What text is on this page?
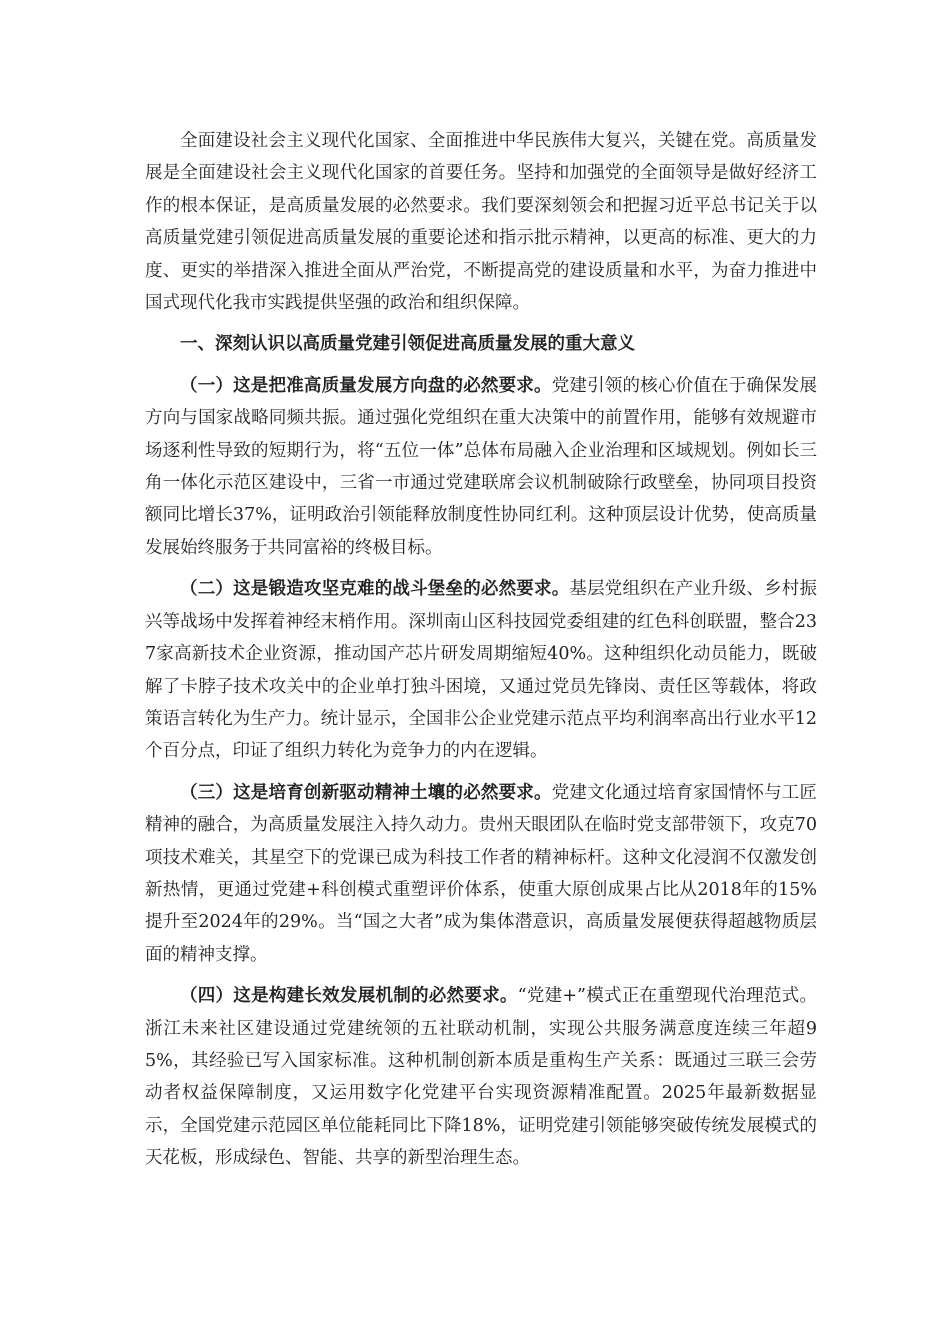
全面建设社会主义现代化国家、全面推进中华民族伟大复兴，关键在党。高质量发展是全面建设社会主义现代化国家的首要任务。坚持和加强党的全面领导是做好经济工作的根本保证，是高质量发展的必然要求。我们要深刻领会和把握习近平总书记关于以高质量党建引领促进高质量发展的重要论述和指示批示精神，以更高的标准、更大的力度、更实的举措深入推进全面从严治党，不断提高党的建设质量和水平，为奋力推进中国式现代化我市实践提供坚强的政治和组织保障。

一、深刻认识以高质量党建引领促进高质量发展的重大意义

（一）这是把准高质量发展方向盘的必然要求。党建引领的核心价值在于确保发展方向与国家战略同频共振。通过强化党组织在重大决策中的前置作用，能够有效规避市场逐利性导致的短期行为，将“五位一体”总体布局融入企业治理和区域规划。例如长三角一体化示范区建设中，三省一市通过党建联席会议机制破除行政壁垒，协同项目投资额同比增长37%，证明政治引领能释放制度性协同红利。这种顶层设计优势，使高质量发展始终服务于共同富裕的终极目标。

（二）这是锻造攻坚克难的战斗堡垒的必然要求。基层党组织在产业升级、乡村振兴等战场中发挥着神经末梢作用。深圳南山区科技园党委组建的红色科创联盟，整合237家高新技术企业资源，推动国产芯片研发周期缩短40%。这种组织化动员能力，既破解了卡脖子技术攻关中的企业单打独斗困境，又通过党员先锋岗、责任区等载体，将政策语言转化为生产力。统计显示，全国非公企业党建示范点平均利润率高出行业水平12个百分点，印证了组织力转化为竞争力的内在逻辑。

（三）这是培育创新驱动精神土壤的必然要求。党建文化通过培育家国情怀与工匠精神的融合，为高质量发展注入持久动力。贵州天眼团队在临时党支部带领下，攻克70项技术难关，其星空下的党课已成为科技工作者的精神标杆。这种文化浸润不仅激发创新热情，更通过党建+科创模式重塑评价体系，使重大原创成果占比从2018年的15%提升至2024年的29%。当“国之大者”成为集体潜意识，高质量发展便获得超越物质层面的精神支撑。

（四）这是构建长效发展机制的必然要求。“党建+”模式正在重塑现代治理范式。浙江未来社区建设通过党建统领的五社联动机制，实现公共服务满意度连续三年超95%，其经验已写入国家标准。这种机制创新本质是重构生产关系：既通过三联三会劳动者权益保障制度，又运用数字化党建平台实现资源精准配置。2025年最新数据显示，全国党建示范园区单位能耗同比下降18%，证明党建引领能够突破传统发展模式的天花板，形成绿色、智能、共享的新型治理生态。
